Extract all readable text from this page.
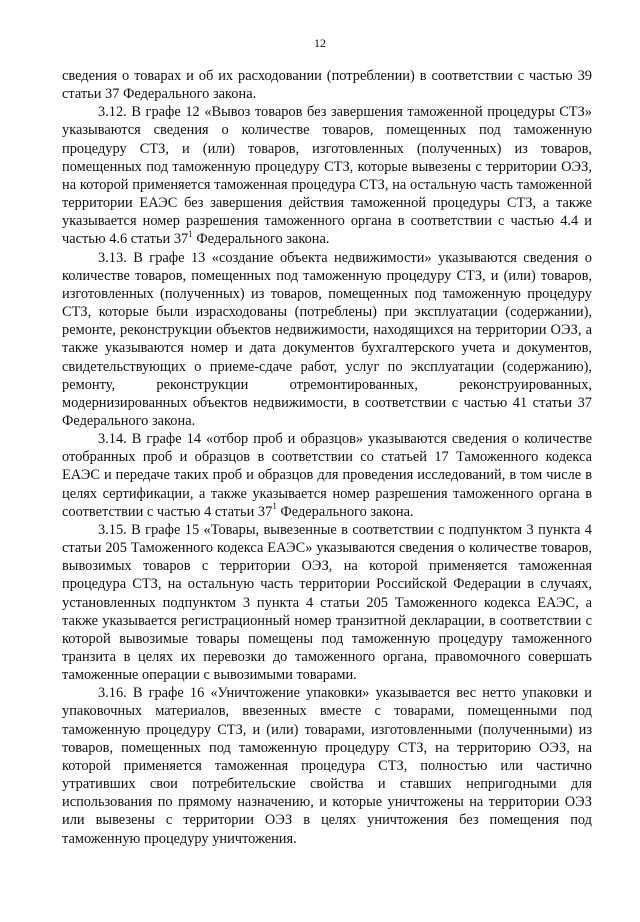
12

сведения о товарах и об их расходовании (потреблении) в соответствии с частью 39 статьи 37 Федерального закона.

3.12. В графе 12 «Вывоз товаров без завершения таможенной процедуры СТЗ» указываются сведения о количестве товаров, помещенных под таможенную процедуру СТЗ, и (или) товаров, изготовленных (полученных) из товаров, помещенных под таможенную процедуру СТЗ, которые вывезены с территории ОЭЗ, на которой применяется таможенная процедура СТЗ, на остальную часть таможенной территории ЕАЭС без завершения действия таможенной процедуры СТЗ, а также указывается номер разрешения таможенного органа в соответствии с частью 4.4 и частью 4.6 статьи $37^1$ Федерального закона.

3.13. В графе 13 «создание объекта недвижимости» указываются сведения о количестве товаров, помещенных под таможенную процедуру СТЗ, и (или) товаров, изготовленных (полученных) из товаров, помещенных под таможенную процедуру СТЗ, которые были израсходованы (потреблены) при эксплуатации (содержании), ремонте, реконструкции объектов недвижимости, находящихся на территории ОЭЗ, а также указываются номер и дата документов бухгалтерского учета и документов, свидетельствующих о приеме-сдаче работ, услуг по эксплуатации (содержанию), ремонту, реконструкции отремонтированных, реконструированных, модернизированных объектов недвижимости, в соответствии с частью 41 статьи 37 Федерального закона.

3.14. В графе 14 «отбор проб и образцов» указываются сведения о количестве отобранных проб и образцов в соответствии со статьей 17 Таможенного кодекса ЕАЭС и передаче таких проб и образцов для проведения исследований, в том числе в целях сертификации, а также указывается номер разрешения таможенного органа в соответствии с частью 4 статьи $37^1$ Федерального закона.

3.15. В графе 15 «Товары, вывезенные в соответствии с подпунктом 3 пункта 4 статьи 205 Таможенного кодекса ЕАЭС» указываются сведения о количестве товаров, вывозимых товаров с территории ОЭЗ, на которой применяется таможенная процедура СТЗ, на остальную часть территории Российской Федерации в случаях, установленных подпунктом 3 пункта 4 статьи 205 Таможенного кодекса ЕАЭС, а также указывается регистрационный номер транзитной декларации, в соответствии с которой вывозимые товары помещены под таможенную процедуру таможенного транзита в целях их перевозки до таможенного органа, правомочного совершать таможенные операции с вывозимыми товарами.

3.16. В графе 16 «Уничтожение упаковки» указывается вес нетто упаковки и упаковочных материалов, ввезенных вместе с товарами, помещенными под таможенную процедуру СТЗ, и (или) товарами, изготовленными (полученными) из товаров, помещенных под таможенную процедуру СТЗ, на территорию ОЭЗ, на которой применяется таможенная процедура СТЗ, полностью или частично утративших свои потребительские свойства и ставших непригодными для использования по прямому назначению, и которые уничтожены на территории ОЭЗ или вывезены с территории ОЭЗ в целях уничтожения без помещения под таможенную процедуру уничтожения.
